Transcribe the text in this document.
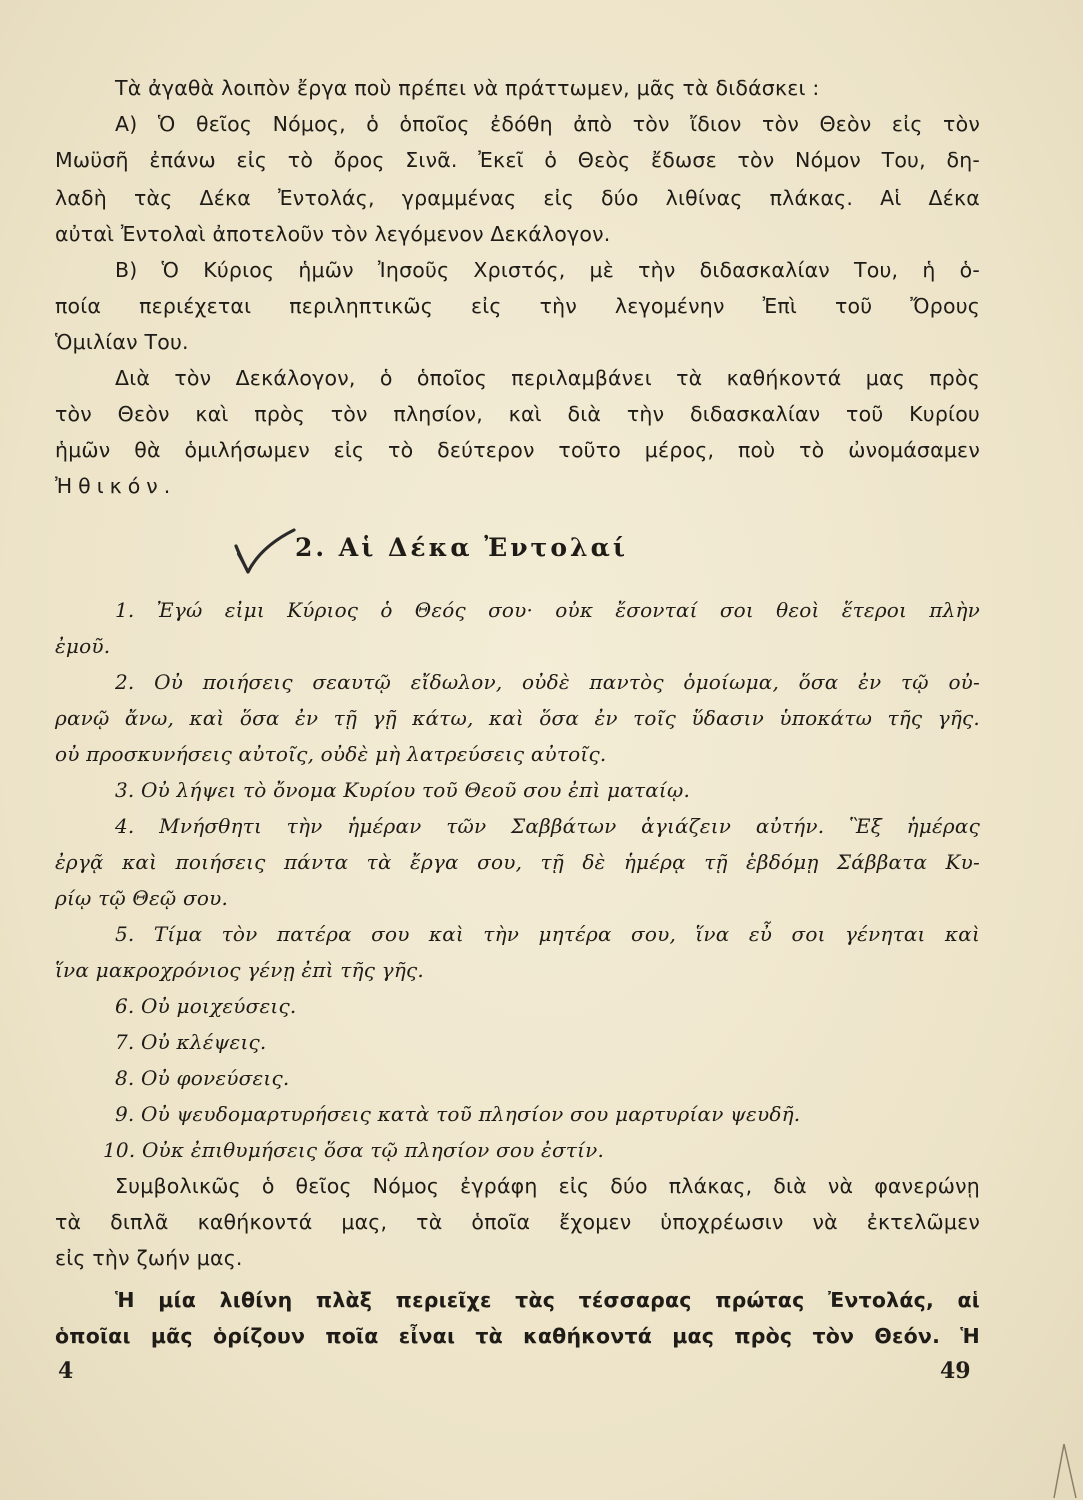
Τὰ ἀγαθὰ λοιπὸν ἔργα ποὺ πρέπει νὰ πράττωμεν, μᾶς τὰ διδάσκει :
Α) Ὁ θεῖος Νόμος, ὁ ὁποῖος ἐδόθη ἀπὸ τὸν ἴδιον τὸν Θεὸν εἰς τὸν
Μωϋσῆ ἐπάνω εἰς τὸ ὄρος Σινᾶ. Ἐκεῖ ὁ Θεὸς ἔδωσε τὸν Νόμον Του, δη-
λαδὴ τὰς Δέκα Ἐντολάς, γραμμένας εἰς δύο λιθίνας πλάκας. Αἱ Δέκα
αὐταὶ Ἐντολαὶ ἀποτελοῦν τὸν λεγόμενον Δεκάλογον.
Β) Ὁ Κύριος ἡμῶν Ἰησοῦς Χριστός, μὲ τὴν διδασκαλίαν Του, ἡ ὁ-
ποία περιέχεται περιληπτικῶς εἰς τὴν λεγομένην Ἐπὶ τοῦ Ὄρους
Ὁμιλίαν Του.
Διὰ τὸν Δεκάλογον, ὁ ὁποῖος περιλαμβάνει τὰ καθήκοντά μας πρὸς
τὸν Θεὸν καὶ πρὸς τὸν πλησίον, καὶ διὰ τὴν διδασκαλίαν τοῦ Κυρίου
ἡμῶν θὰ ὁμιλήσωμεν εἰς τὸ δεύτερον τοῦτο μέρος, ποὺ τὸ ὠνομάσαμεν
Ἠθικόν.
2. Αἱ Δέκα Ἐντολαί
1. Ἐγώ εἰμι Κύριος ὁ Θεός σου· οὐκ ἔσονταί σοι θεοὶ ἕτεροι πλὴν
ἐμοῦ.
2. Οὐ ποιήσεις σεαυτῷ εἴδωλον, οὐδὲ παντὸς ὁμοίωμα, ὅσα ἐν τῷ οὐ-
ρανῷ ἄνω, καὶ ὅσα ἐν τῇ γῇ κάτω, καὶ ὅσα ἐν τοῖς ὕδασιν ὑποκάτω τῆς γῆς.
οὐ προσκυνήσεις αὐτοῖς, οὐδὲ μὴ λατρεύσεις αὐτοῖς.
3. Οὐ λήψει τὸ ὄνομα Κυρίου τοῦ Θεοῦ σου ἐπὶ ματαίῳ.
4. Μνήσθητι τὴν ἡμέραν τῶν Σαββάτων ἁγιάζειν αὐτήν. Ἓξ ἡμέρας
ἐργᾷ καὶ ποιήσεις πάντα τὰ ἔργα σου, τῇ δὲ ἡμέρᾳ τῇ ἑβδόμῃ Σάββατα Κυ-
ρίῳ τῷ Θεῷ σου.
5. Τίμα τὸν πατέρα σου καὶ τὴν μητέρα σου, ἵνα εὖ σοι γένηται καὶ
ἵνα μακροχρόνιος γένῃ ἐπὶ τῆς γῆς.
6. Οὐ μοιχεύσεις.
7. Οὐ κλέψεις.
8. Οὐ φονεύσεις.
9. Οὐ ψευδομαρτυρήσεις κατὰ τοῦ πλησίον σου μαρτυρίαν ψευδῆ.
10. Οὐκ ἐπιθυμήσεις ὅσα τῷ πλησίον σου ἐστίν.
Συμβολικῶς ὁ θεῖος Νόμος ἐγράφη εἰς δύο πλάκας, διὰ νὰ φανερώνῃ
τὰ διπλᾶ καθήκοντά μας, τὰ ὁποῖα ἔχομεν ὑποχρέωσιν νὰ ἐκτελῶμεν
εἰς τὴν ζωήν μας.
Ἡ μία λιθίνη πλὰξ περιεῖχε τὰς τέσσαρας πρώτας Ἐντολάς, αἱ
ὁποῖαι μᾶς ὁρίζουν ποῖα εἶναι τὰ καθήκοντά μας πρὸς τὸν Θεόν. Ἡ
4	49
